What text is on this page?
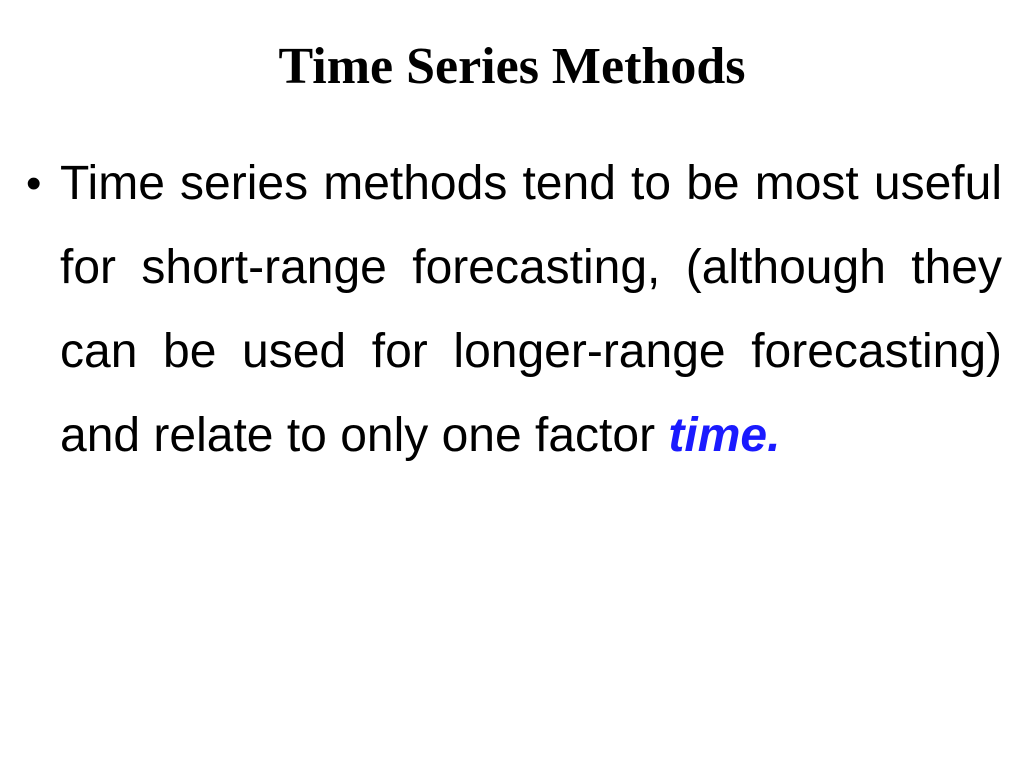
Time Series Methods
• Time series methods tend to be most useful for short-range forecasting, (although they can be used for longer-range forecasting) and relate to only one factor time.
